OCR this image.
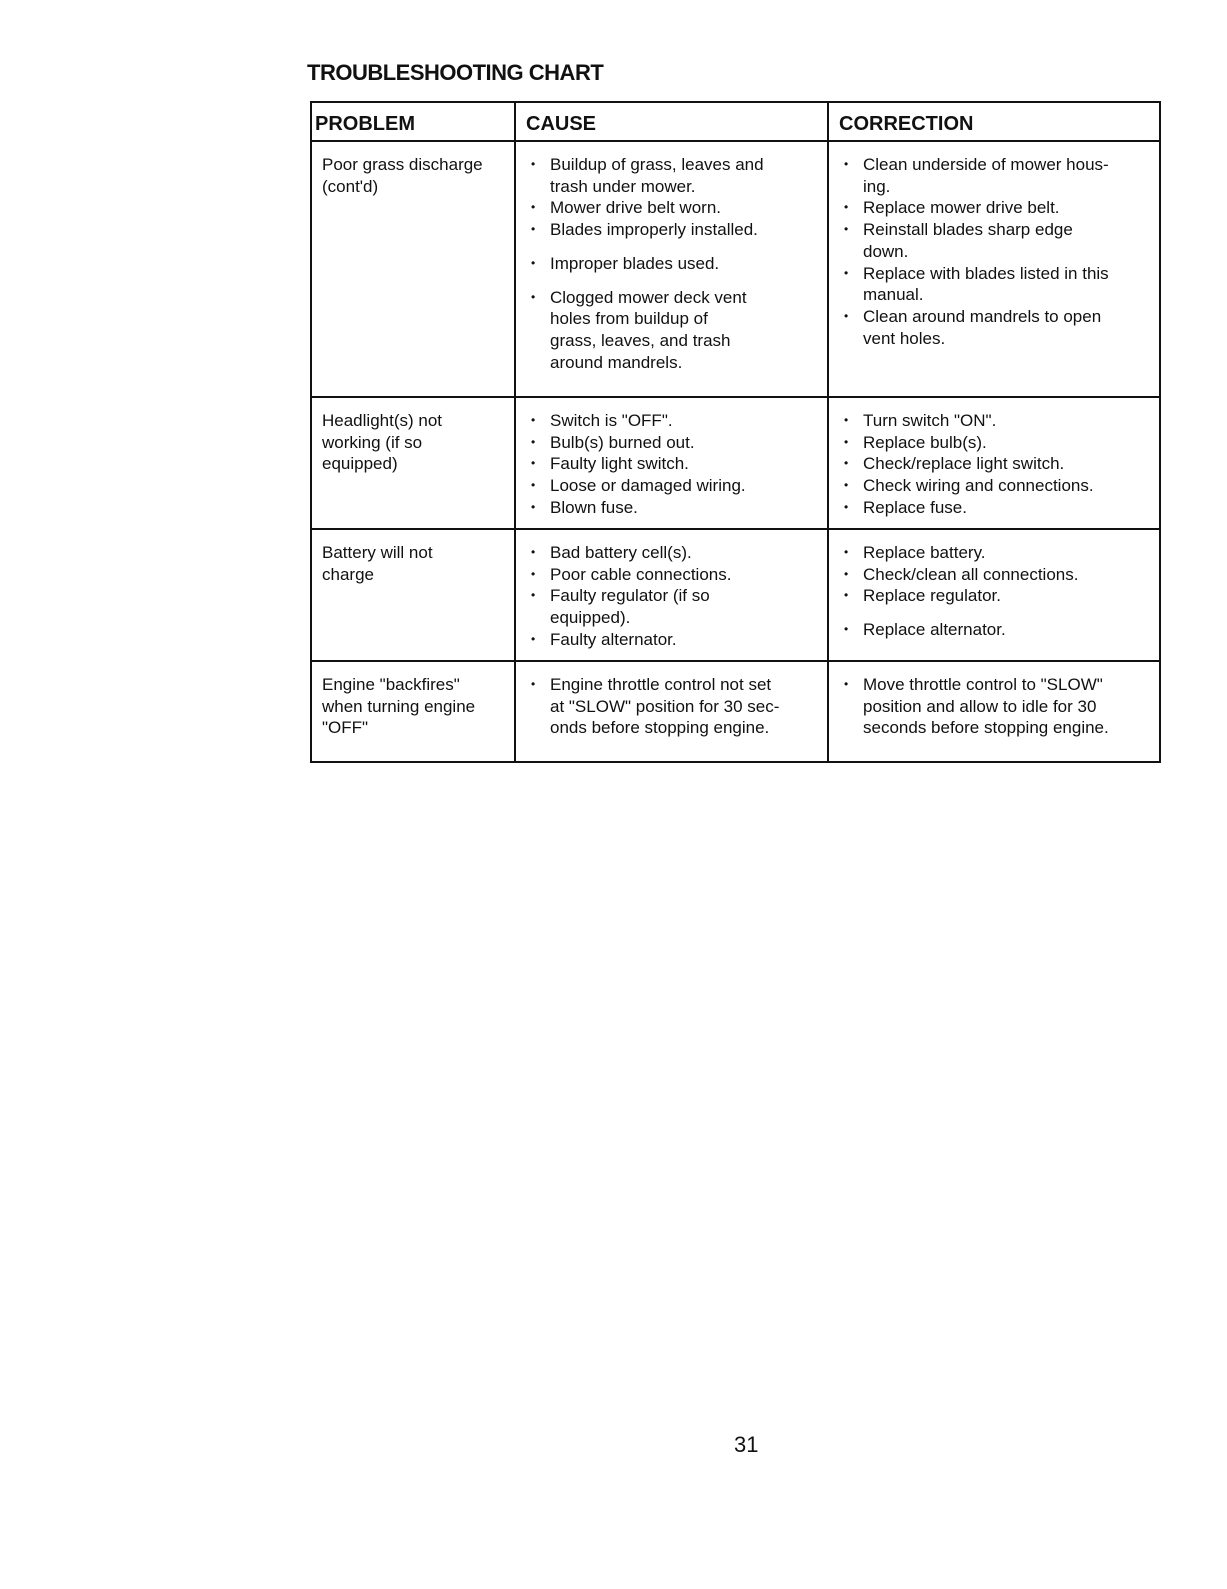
TROUBLESHOOTING CHART
PROBLEM	CAUSE	CORRECTION
Poor grass discharge
(cont'd)
• Buildup of grass, leaves and
trash under mower.
• Mower drive belt worn.
• Blades improperly installed.
• Improper blades used.
• Clogged mower deck vent
holes from buildup of
grass, leaves, and trash
around mandrels.
• Clean underside of mower hous-
ing.
• Replace mower drive belt.
• Reinstall blades sharp edge
down.
• Replace with blades listed in this
manual.
• Clean around mandrels to open
vent holes.
Headlight(s) not
working (if so
equipped)
• Switch is "OFF".
• Bulb(s) burned out.
• Faulty light switch.
• Loose or damaged wiring.
• Blown fuse.
• Turn switch "ON".
• Replace bulb(s).
• Check/replace light switch.
• Check wiring and connections.
• Replace fuse.
Battery will not
charge
• Bad battery cell(s).
• Poor cable connections.
• Faulty regulator (if so
equipped).
• Faulty alternator.
• Replace battery.
• Check/clean all connections.
• Replace regulator.
• Replace alternator.
Engine "backfires"
when turning engine
"OFF"
• Engine throttle control not set
at "SLOW" position for 30 sec-
onds before stopping engine.
• Move throttle control to "SLOW"
position and allow to idle for 30
seconds before stopping engine.

31
